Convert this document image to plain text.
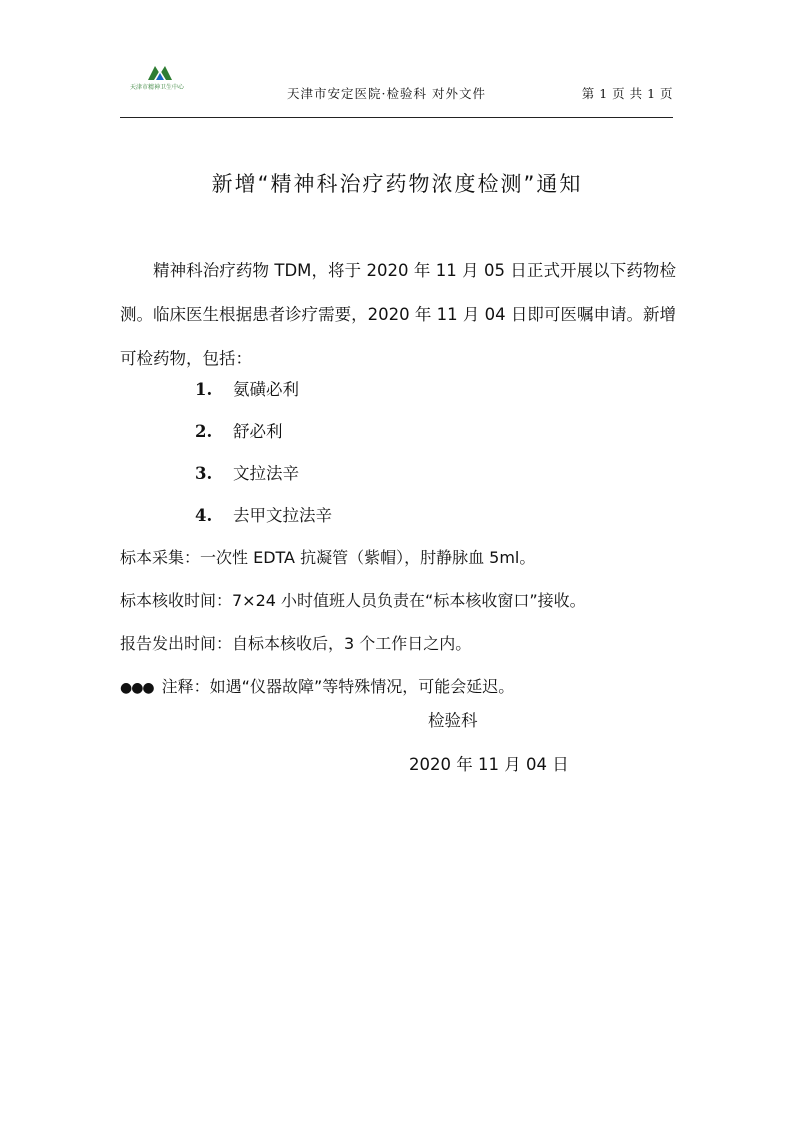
天津市精神卫生中心	天津市安定医院·检验科 对外文件	第 1 页 共 1 页
新增“精神科治疗药物浓度检测”通知

精神科治疗药物 TDM，将于 2020 年 11 月 05 日正式开展以下药物检测。临床医生根据患者诊疗需要，2020 年 11 月 04 日即可医嘱申请。新增可检药物，包括：

1. 氨磺必利
2. 舒必利
3. 文拉法辛
4. 去甲文拉法辛
标本采集：一次性 EDTA 抗凝管（紫帽），肘静脉血 5ml。
标本核收时间：7×24 小时值班人员负责在“标本核收窗口”接收。
报告发出时间：自标本核收后，3 个工作日之内。
●●● 注释：如遇“仪器故障”等特殊情况，可能会延迟。
检验科
2020 年 11 月 04 日
